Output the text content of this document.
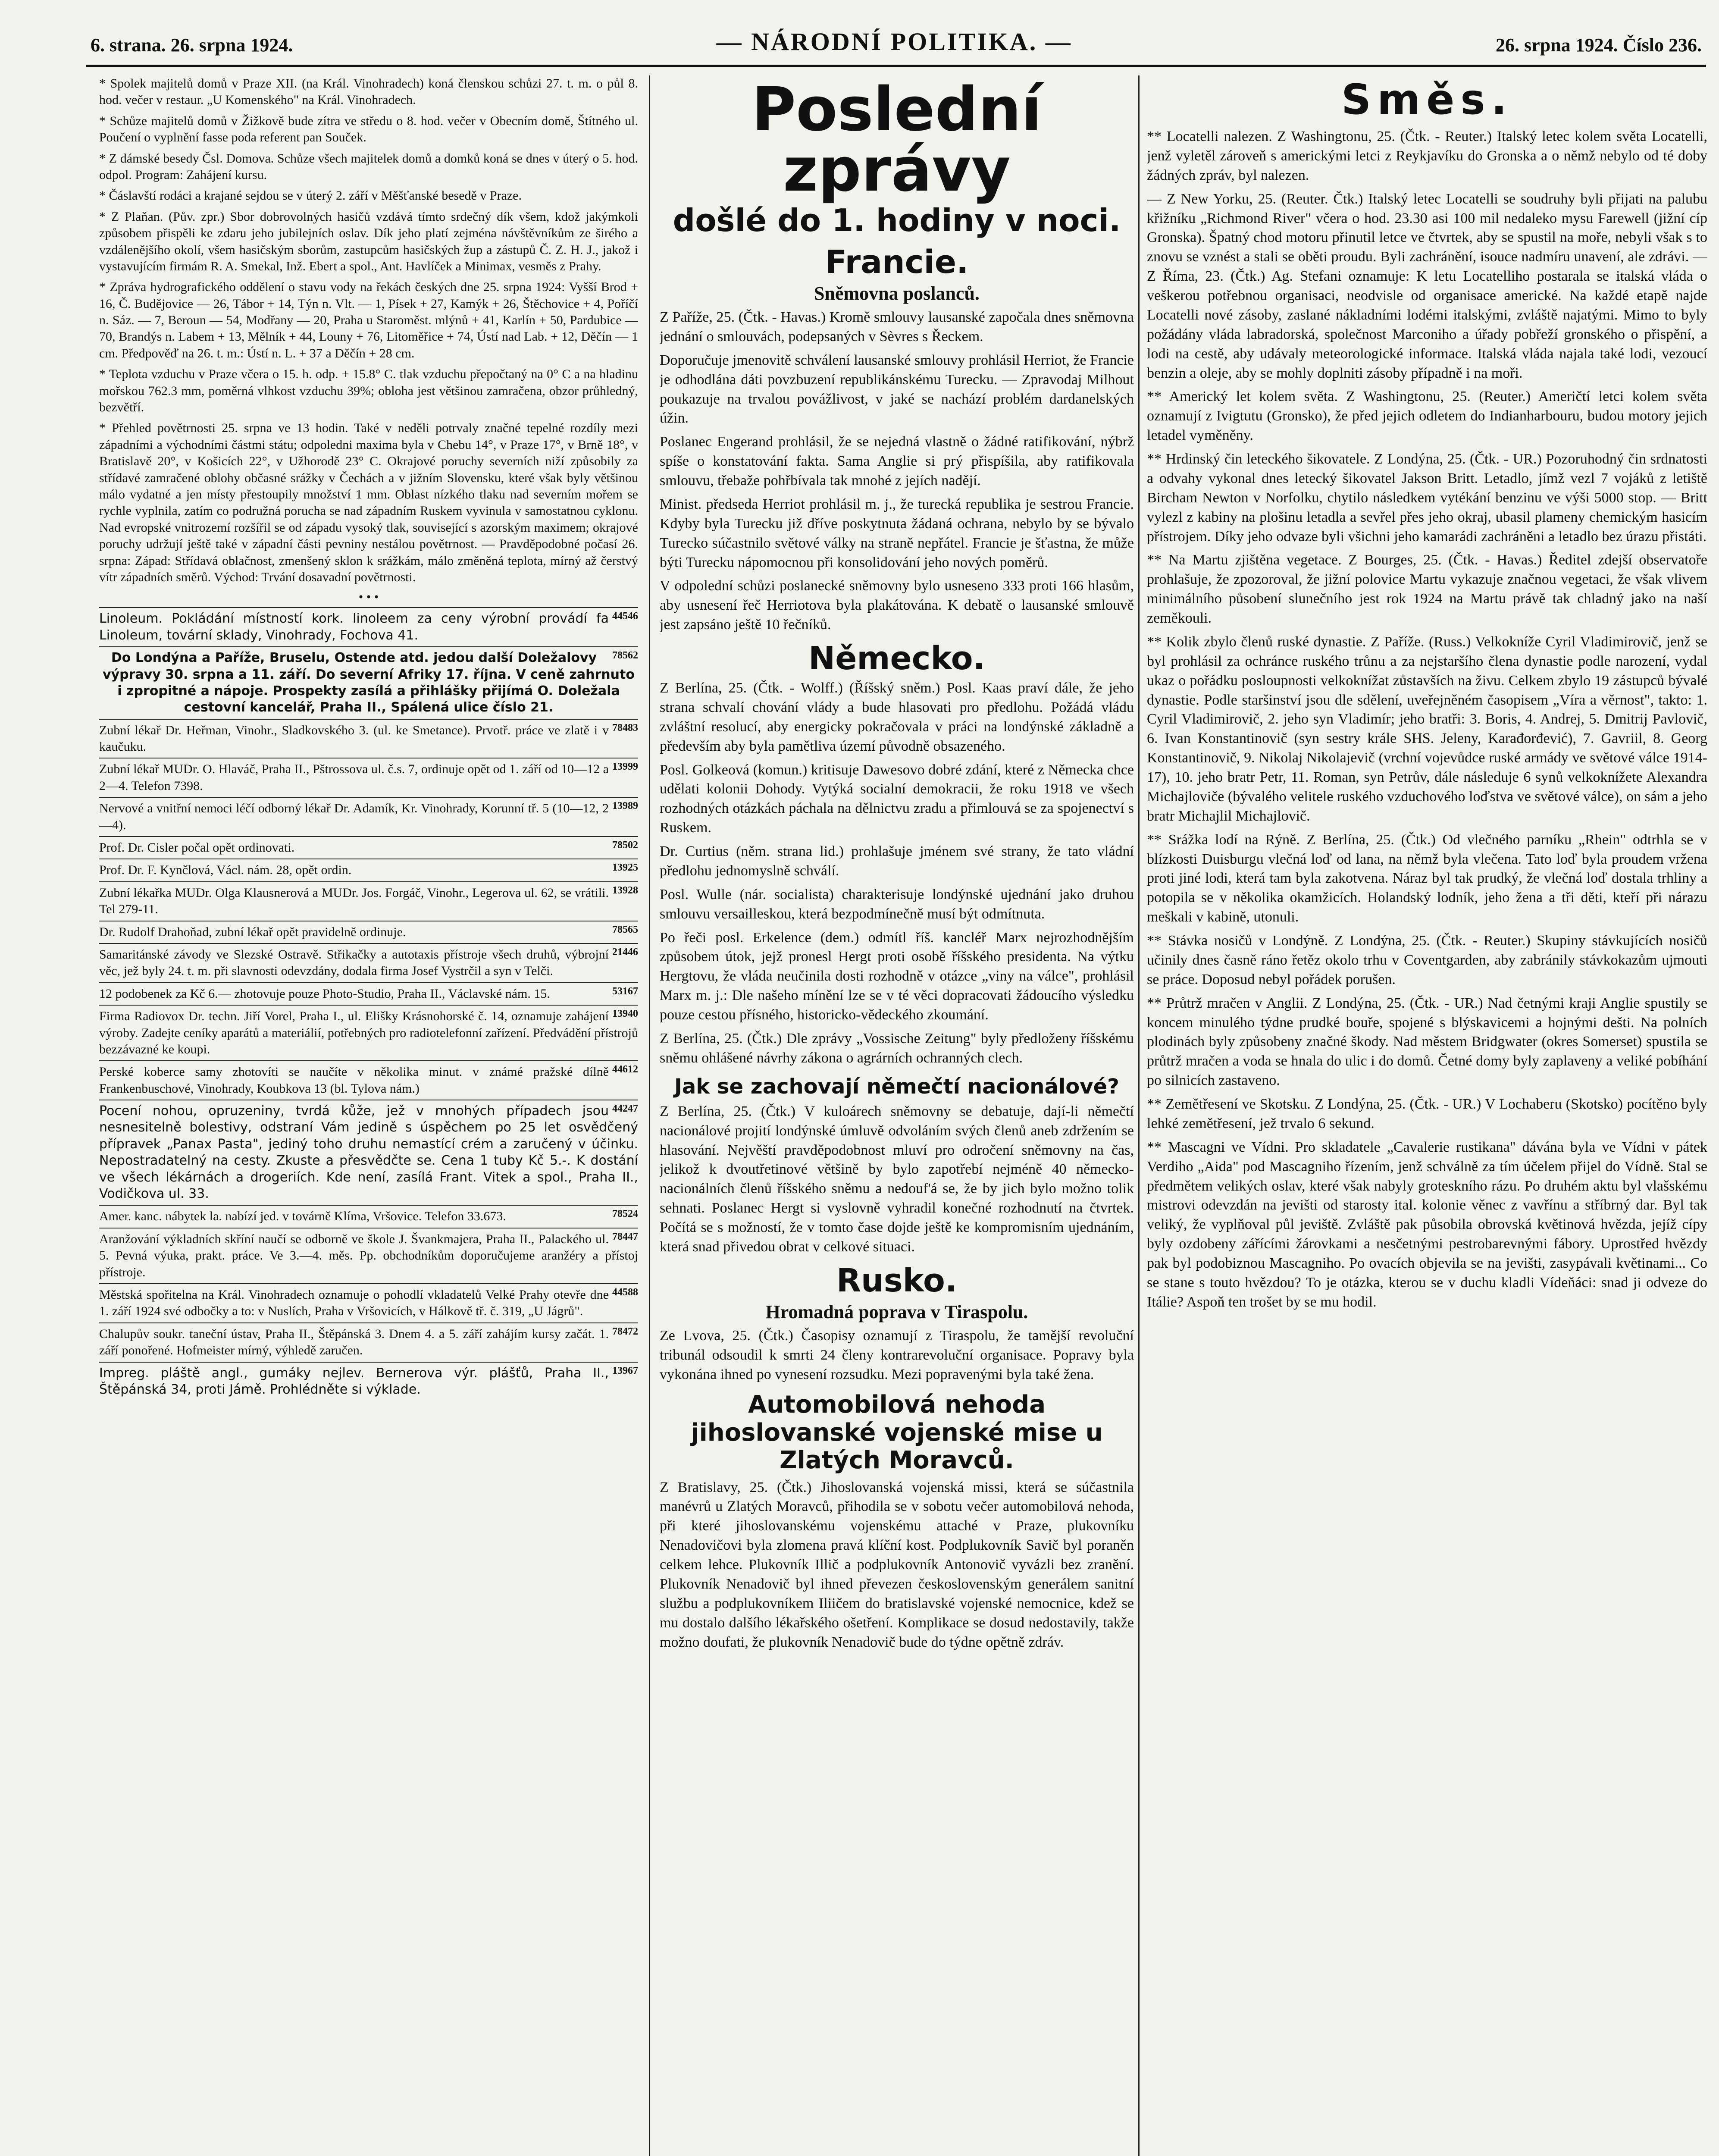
6. strana. 26. srpna 1924.	— NÁRODNÍ POLITIKA. —	26. srpna 1924. Číslo 236.

* Spolek majitelů domů v Praze XII. (na Král. Vinohradech) koná členskou schůzi 27. t. m. o půl 8. hod. večer v restaur. „U Komenského" na Král. Vinohradech.

* Schůze majitelů domů v Žižkově bude zítra ve středu o 8. hod. večer v Obecním domě, Štítného ul. Poučení o vyplnění fasse poda referent pan Souček.

* Z dámské besedy Čsl. Domova. Schůze všech majitelek domů a domků koná se dnes v úterý o 5. hod. odpol. Program: Zahájení kursu.

* Čáslavští rodáci a krajané sejdou se v úterý 2. září v Měšťanské besedě v Praze.

* Z Plaňan. (Pův. zpr.) Sbor dobrovolných hasičů vzdává tímto srdečný dík všem, kdož jakýmkoli způsobem přispěli ke zdaru jeho jubilejních oslav. Dík jeho platí zejména návštěvníkům ze širého a vzdálenějšího okolí, všem hasičským sborům, zastupcům hasičských žup a zástupů Č. Z. H. J., jakož i vystavujícím firmám R. A. Smekal, Inž. Ebert a spol., Ant. Havlíček a Minimax, vesměs z Prahy.

* Zpráva hydrografického oddělení o stavu vody na řekách českých dne 25. srpna 1924: Vyšší Brod + 16, Č. Budějovice — 26, Tábor + 14, Týn n. Vlt. — 1, Písek + 27, Kamýk + 26, Štěchovice + 4, Poříčí n. Sáz. — 7, Beroun — 54, Modřany — 20, Praha u Staroměst. mlýnů + 41, Karlín + 50, Pardubice — 70, Brandýs n. Labem + 13, Mělník + 44, Louny + 76, Litoměřice + 74, Ústí nad Lab. + 12, Děčín — 1 cm. Předpověď na 26. t. m.: Ústí n. L. + 37 a Děčín + 28 cm.

* Teplota vzduchu v Praze včera o 15. h. odp. + 15.8° C. tlak vzduchu přepočtaný na 0° C a na hladinu mořskou 762.3 mm, poměrná vlhkost vzduchu 39%; obloha jest většinou zamračena, obzor průhledný, bezvětří.

* Přehled povětrnosti 25. srpna ve 13 hodin. Také v neděli potrvaly značné tepelné rozdíly mezi západními a východními částmi státu; odpoledni maxima byla v Chebu 14°, v Praze 17°, v Brně 18°, v Bratislavě 20°, v Košicích 22°, v Užhorodě 23° C. Okrajové poruchy severních niží způsobily za střídavé zamračené oblohy občasné srážky v Čechách a v jižním Slovensku, které však byly většinou málo vydatné a jen místy přestoupily množství 1 mm. Oblast nízkého tlaku nad severním mořem se rychle vyplnila, zatím co podružná porucha se nad západním Ruskem vyvinula v samostatnou cyklonu. Nad evropské vnitrozemí rozšířil se od západu vysoký tlak, související s azorským maximem; okrajové poruchy udržují ještě také v západní části pevniny nestálou povětrnost. — Pravděpodobné počasí 26. srpna: Západ: Střídavá oblačnost, zmenšený sklon k srážkám, málo změněná teplota, mírný až čerstvý vítr západních směrů. Východ: Trvání dosavadní povětrnosti.

• • •
44546

Linoleum. Pokládání místností kork. linoleem za ceny výrobní provádí fa Linoleum, tovární sklady, Vinohrady, Fochova 41.

78562

Do Londýna a Paříže, Bruselu, Ostende atd. jedou další Doležalovy výpravy 30. srpna a 11. září. Do severní Afriky 17. října. V ceně zahrnuto i zpropitné a nápoje. Prospekty zasílá a přihlášky přijímá O. Doležala cestovní kancelář, Praha II., Spálená ulice číslo 21.

78483

Zubní lékař Dr. Heřman, Vinohr., Sladkovského 3. (ul. ke Smetance). Prvotř. práce ve zlatě i v kaučuku.

13999

Zubní lékař MUDr. O. Hlaváč, Praha II., Pštrossova ul. č.s. 7, ordinuje opět od 1. září od 10—12 a 2—4. Telefon 7398.

13989

Nervové a vnitřní nemoci léčí odborný lékař Dr. Adamík, Kr. Vinohrady, Korunní tř. 5 (10—12, 2—4).

78502

Prof. Dr. Cisler počal opět ordinovati.

13925

Prof. Dr. F. Kynčlová, Václ. nám. 28, opět ordin.

13928

Zubní lékařka MUDr. Olga Klausnerová a MUDr. Jos. Forgáč, Vinohr., Legerova ul. 62, se vrátili. Tel 279-11.

78565

Dr. Rudolf Drahoňad, zubní lékař opět pravidelně ordinuje.

21446

Samaritánské závody ve Slezské Ostravě. Střikačky a autotaxis přístroje všech druhů, výbrojní věc, jež byly 24. t. m. při slavnosti odevzdány, dodala firma Josef Vystrčil a syn v Telči.

53167

12 podobenek za Kč 6.— zhotovuje pouze Photo-Studio, Praha II., Václavské nám. 15.

13940

Firma Radiovox Dr. techn. Jiří Vorel, Praha I., ul. Elišky Krásnohorské č. 14, oznamuje zahájení výroby. Zadejte ceníky aparátů a materiálií, potřebných pro radiotelefonní zařízení. Předvádění přístrojů bezzávazné ke koupi.

44612

Perské koberce samy zhotovíti se naučíte v několika minut. v známé pražské dílně Frankenbuschové, Vinohrady, Koubkova 13 (bl. Tylova nám.)

44247

Pocení nohou, opruzeniny, tvrdá kůže, jež v mnohých případech jsou nesnesitelně bolestivy, odstraní Vám jedině s úspěchem po 25 let osvědčený přípravek „Panax Pasta", jediný toho druhu nemastící crém a zaručený v účinku. Nepostradatelný na cesty. Zkuste a přesvědčte se. Cena 1 tuby Kč 5.-. K dostání ve všech lékárnách a drogeriích. Kde není, zasílá Frant. Vitek a spol., Praha II., Vodičkova ul. 33.

78524

Amer. kanc. nábytek la. nabízí jed. v továrně Klíma, Vršovice. Telefon 33.673.

78447

Aranžování výkladních skříní naučí se odborně ve škole J. Švankmajera, Praha II., Palackého ul. 5. Pevná výuka, prakt. práce. Ve 3.—4. měs. Pp. obchodníkům doporučujeme aranžéry a přístoj přístroje.

44588

Městská spořitelna na Král. Vinohradech oznamuje o pohodlí vkladatelů Velké Prahy otevře dne 1. září 1924 své odbočky a to: v Nuslích, Praha v Vršovicích, v Hálkově tř. č. 319, „U Jágrů".

78472

Chalupův soukr. taneční ústav, Praha II., Štěpánská 3. Dnem 4. a 5. září zahájím kursy začát. 1. září ponořené. Hofmeister mírný, výhledě zaručen.

13967

Impreg. pláště angl., gumáky nejlev. Bernerova výr. plášťů, Praha II., Štěpánská 34, proti Jámě. Prohlédněte si výklade.

Poslední zprávy
došlé do 1. hodiny v noci.
Francie.
Sněmovna poslanců.

Z Paříže, 25. (Čtk. - Havas.) Kromě smlouvy lausanské započala dnes sněmovna jednání o smlouvách, podepsaných v Sèvres s Řeckem.

Doporučuje jmenovitě schválení lausanské smlouvy prohlásil Herriot, že Francie je odhodlána dáti povzbuzení republikánskému Turecku. — Zpravodaj Milhout poukazuje na trvalou povážlivost, v jaké se nachází problém dardanelských úžin.

Poslanec Engerand prohlásil, že se nejedná vlastně o žádné ratifikování, nýbrž spíše o konstatování fakta. Sama Anglie si prý přispíšila, aby ratifikovala smlouvu, třebaže pohřbívala tak mnohé z jejích nadějí.

Minist. předseda Herriot prohlásil m. j., že turecká republika je sestrou Francie. Kdyby byla Turecku již dříve poskytnuta žádaná ochrana, nebylo by se bývalo Turecko súčastnilo světové války na straně nepřátel. Francie je šťastna, že může býti Turecku nápomocnou při konsolidování jeho nových poměrů.

V odpolední schůzi poslanecké sněmovny bylo usneseno 333 proti 166 hlasům, aby usnesení řeč Herriotova byla plakátována. K debatě o lausanské smlouvě jest zapsáno ještě 10 řečníků.

Německo.

Z Berlína, 25. (Čtk. - Wolff.) (Říšský sněm.) Posl. Kaas praví dále, že jeho strana schvalí chování vlády a bude hlasovati pro předlohu. Požádá vládu zvláštní resolucí, aby energicky pokračovala v práci na londýnské základně a především aby byla pamětliva území původně obsazeného.

Posl. Golkeová (komun.) kritisuje Dawesovo dobré zdání, které z Německa chce udělati kolonii Dohody. Vytýká socialní demokracii, že roku 1918 ve všech rozhodných otázkách páchala na dělnictvu zradu a přimlouvá se za spojenectví s Ruskem.

Dr. Curtius (něm. strana lid.) prohlašuje jménem své strany, že tato vládní předlohu jednomyslně schválí.

Posl. Wulle (nár. socialista) charakterisuje londýnské ujednání jako druhou smlouvu versailleskou, která bezpodmínečně musí být odmítnuta.

Po řeči posl. Erkelence (dem.) odmítl říš. kancléř Marx nejrozhodnějším způsobem útok, jejž pronesl Hergt proti osobě říšského presidenta. Na výtku Hergtovu, že vláda neučinila dosti rozhodně v otázce „viny na válce", prohlásil Marx m. j.: Dle našeho mínění lze se v té věci dopracovati žádoucího výsledku pouze cestou přísného, historicko-vědeckého zkoumání.

Z Berlína, 25. (Čtk.) Dle zprávy „Vossische Zeitung" byly předloženy říšskému sněmu ohlášené návrhy zákona o agrárních ochranných clech.

Jak se zachovají němečtí nacionálové?

Z Berlína, 25. (Čtk.) V kuloárech sněmovny se debatuje, dají-li němečtí nacionálové projití londýnské úmluvě odvoláním svých členů aneb zdržením se hlasování. Nejvěští pravděpodobnost mluví pro odročení sněmovny na čas, jelikož k dvoutřetinové většině by bylo zapotřebí nejméně 40 německo-nacionálních členů říšského sněmu a nedouf'á se, že by jich bylo možno tolik sehnati. Poslanec Hergt si vyslovně vyhradil konečné rozhodnutí na čtvrtek. Počítá se s možností, že v tomto čase dojde ještě ke kompromisním ujednáním, která snad přivedou obrat v celkové situaci.

Rusko.
Hromadná poprava v Tiraspolu.

Ze Lvova, 25. (Čtk.) Časopisy oznamují z Tiraspolu, že tamější revoluční tribunál odsoudil k smrti 24 členy kontrarevoluční organisace. Popravy byla vykonána ihned po vynesení rozsudku. Mezi popravenými byla také žena.

Automobilová nehoda jihoslovanské vojenské mise u Zlatých Moravců.

Z Bratislavy, 25. (Čtk.) Jihoslovanská vojenská missi, která se súčastnila manévrů u Zlatých Moravců, přihodila se v sobotu večer automobilová nehoda, při které jihoslovanskému vojenskému attaché v Praze, plukovníku Nenadovičovi byla zlomena pravá klíční kost. Podplukovník Savič byl poraněn celkem lehce. Plukovník Illič a podplukovník Antonovič vyvázli bez zranění. Plukovník Nenadovič byl ihned převezen československým generálem sanitní službu a podplukovníkem Iliičem do bratislavské vojenské nemocnice, kdež se mu dostalo dalšího lékařského ošetření. Komplikace se dosud nedostavily, takže možno doufati, že plukovník Nenadovič bude do týdne opětně zdráv.

Směs.

** Locatelli nalezen. Z Washingtonu, 25. (Čtk. - Reuter.) Italský letec kolem světa Locatelli, jenž vyletěl zároveň s americkými letci z Reykjavíku do Gronska a o němž nebylo od té doby žádných zpráv, byl nalezen.

— Z New Yorku, 25. (Reuter. Čtk.) Italský letec Locatelli se soudruhy byli přijati na palubu křižníku „Richmond River" včera o hod. 23.30 asi 100 mil nedaleko mysu Farewell (jižní cíp Gronska). Špatný chod motoru přinutil letce ve čtvrtek, aby se spustil na moře, nebyli však s to znovu se vznést a stali se oběti proudu. Byli zachránění, isouce nadmíru unavení, ale zdrávi. — Z Říma, 23. (Čtk.) Ag. Stefani oznamuje: K letu Locatelliho postarala se italská vláda o veškerou potřebnou organisaci, neodvisle od organisace americké. Na každé etapě najde Locatelli nové zásoby, zaslané nákladními lodémi italskými, zvláště najatými. Mimo to byly požádány vláda labradorská, společnost Marconiho a úřady pobřeží gronského o přispění, a lodi na cestě, aby udávaly meteorologické informace. Italská vláda najala také lodi, vezoucí benzin a oleje, aby se mohly doplniti zásoby případně i na moři.

** Americký let kolem světa. Z Washingtonu, 25. (Reuter.) Američtí letci kolem světa oznamují z Ivigtutu (Gronsko), že před jejich odletem do Indianharbouru, budou motory jejich letadel vyměněny.

** Hrdinský čin leteckého šikovatele. Z Londýna, 25. (Čtk. - UR.) Pozoruhodný čin srdnatosti a odvahy vykonal dnes letecký šikovatel Jakson Britt. Letadlo, jímž vezl 7 vojáků z letiště Bircham Newton v Norfolku, chytilo následkem vytékání benzinu ve výši 5000 stop. — Britt vylezl z kabiny na plošinu letadla a sevřel přes jeho okraj, ubasil plameny chemickým hasicím přístrojem. Díky jeho odvaze byli všichni jeho kamarádi zachráněni a letadlo bez úrazu přistáti.

** Na Martu zjištěna vegetace. Z Bourges, 25. (Čtk. - Havas.) Ředitel zdejší observatoře prohlašuje, že zpozoroval, že jižní polovice Martu vykazuje značnou vegetaci, že však vlivem minimálního působení slunečního jest rok 1924 na Martu právě tak chladný jako na naší zeměkouli.

** Kolik zbylo členů ruské dynastie. Z Paříže. (Russ.) Velkokníže Cyril Vladimirovič, jenž se byl prohlásil za ochránce ruského trůnu a za nejstaršího člena dynastie podle narození, vydal ukaz o pořádku posloupnosti velkoknížat zůstavších na živu. Celkem zbylo 19 zástupců bývalé dynastie. Podle staršinství jsou dle sdělení, uveřejněném časopisem „Víra a věrnost", takto: 1. Cyril Vladimirovič, 2. jeho syn Vladimír; jeho bratři: 3. Boris, 4. Andrej, 5. Dmitrij Pavlovič, 6. Ivan Konstantinovič (syn sestry krále SHS. Jeleny, Karađorđević), 7. Gavriil, 8. Georg Konstantinovič, 9. Nikolaj Nikolajevič (vrchní vojevůdce ruské armády ve světové válce 1914-17), 10. jeho bratr Petr, 11. Roman, syn Petrův, dále následuje 6 synů velkoknížete Alexandra Michajloviče (bývalého velitele ruského vzduchového loďstva ve světové válce), on sám a jeho bratr Michajlil Michajlovič.

** Srážka lodí na Rýně. Z Berlína, 25. (Čtk.) Od vlečného parníku „Rhein" odtrhla se v blízkosti Duisburgu vlečná loď od lana, na němž byla vlečena. Tato loď byla proudem vržena proti jiné lodi, která tam byla zakotvena. Náraz byl tak prudký, že vlečná loď dostala trhliny a potopila se v několika okamžicích. Holandský lodník, jeho žena a tři děti, kteří při nárazu meškali v kabině, utonuli.

** Stávka nosičů v Londýně. Z Londýna, 25. (Čtk. - Reuter.) Skupiny stávkujících nosičů učinily dnes časně ráno řetěz okolo trhu v Coventgarden, aby zabránily stávkokazům ujmouti se práce. Doposud nebyl pořádek porušen.

** Průtrž mračen v Anglii. Z Londýna, 25. (Čtk. - UR.) Nad četnými kraji Anglie spustily se koncem minulého týdne prudké bouře, spojené s blýskavicemi a hojnými dešti. Na polních plodinách byly způsobeny značné škody. Nad městem Bridgwater (okres Somerset) spustila se průtrž mračen a voda se hnala do ulic i do domů. Četné domy byly zaplaveny a veliké pobíhání po silnicích zastaveno.

** Zemětřesení ve Skotsku. Z Londýna, 25. (Čtk. - UR.) V Lochaberu (Skotsko) pocítěno byly lehké zemětřesení, jež trvalo 6 sekund.

** Mascagni ve Vídni. Pro skladatele „Cavalerie rustikana" dávána byla ve Vídni v pátek Verdiho „Aida" pod Mascagniho řízením, jenž schválně za tím účelem přijel do Vídně. Stal se předmětem velikých oslav, které však nabyly groteskního rázu. Po druhém aktu byl vlašskému mistrovi odevzdán na jevišti od starosty ital. kolonie věnec z vavřínu a stříbrný dar. Byl tak veliký, že vyplňoval půl jeviště. Zvláště pak působila obrovská květinová hvězda, jejíž cípy byly ozdobeny zářícími žárovkami a nesčetnými pestrobarevnými fábory. Uprostřed hvězdy pak byl podobiznou Mascagniho. Po ovacích objevila se na jevišti, zasypávali květinami... Co se stane s touto hvězdou? To je otázka, kterou se v duchu kladli Vídeňáci: snad ji odveze do Itálie? Aspoň ten trošet by se mu hodil.
